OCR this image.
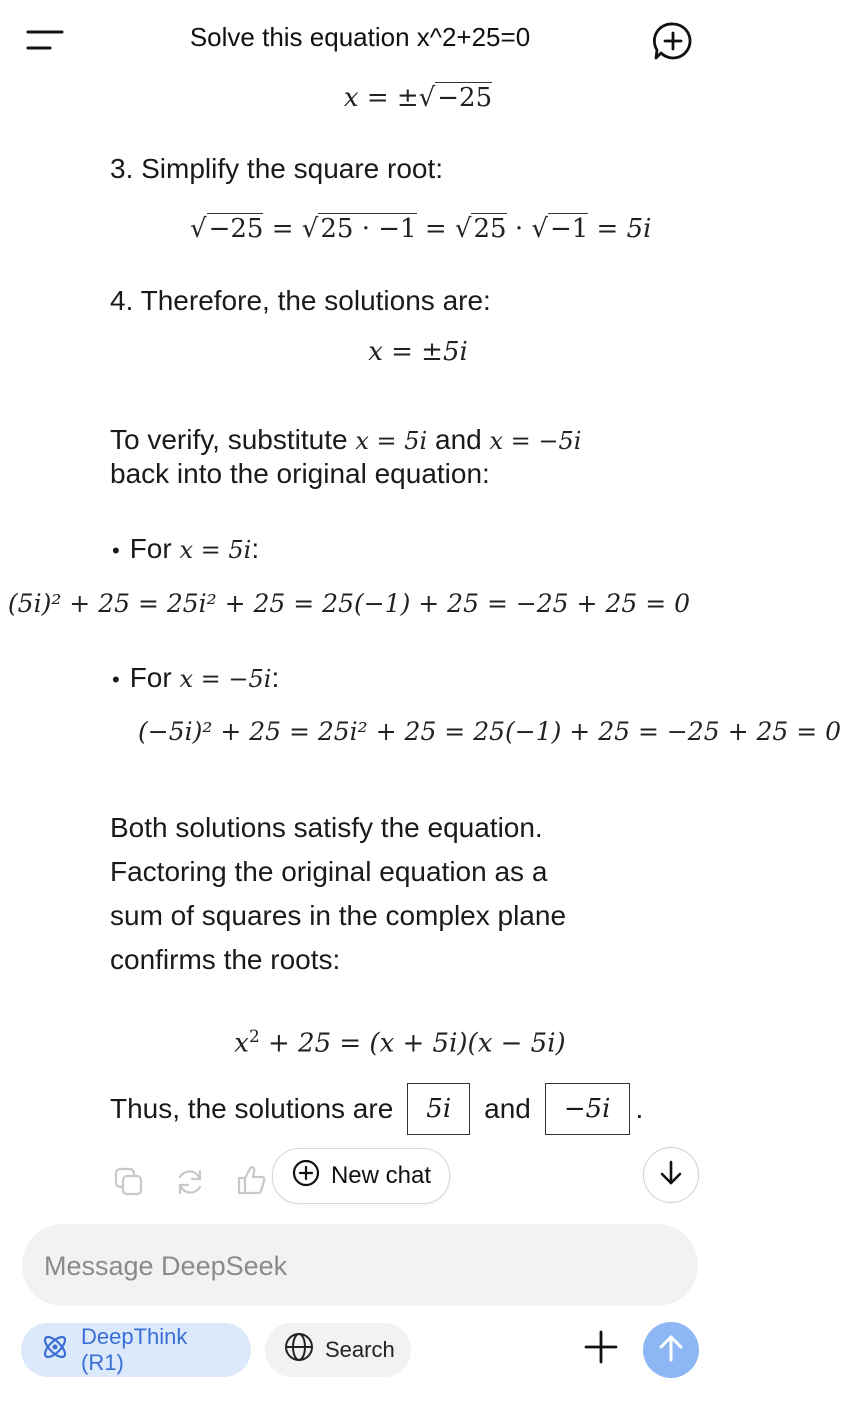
Solve this equation x^2+25=0
x = ±√−25
3. Simplify the square root:
√−25 = √25 · −1 = √25 · √−1 = 5i
4. Therefore, the solutions are:
x = ±5i
To verify, substitute x = 5i and x = −5i
back into the original equation:
• For x = 5i:
(5i)² + 25 = 25i² + 25 = 25(−1) + 25 = −25 + 25 = 0
• For x = −5i:
(−5i)² + 25 = 25i² + 25 = 25(−1) + 25 = −25 + 25 = 0
Both solutions satisfy the equation.
Factoring the original equation as a
sum of squares in the complex plane
confirms the roots:
$x^2 + 25 = (x + 5i)(x - 5i)$
Thus, the solutions are	5i	and	−5i .
New chat
Message DeepSeek
DeepThink (R1)
Search
